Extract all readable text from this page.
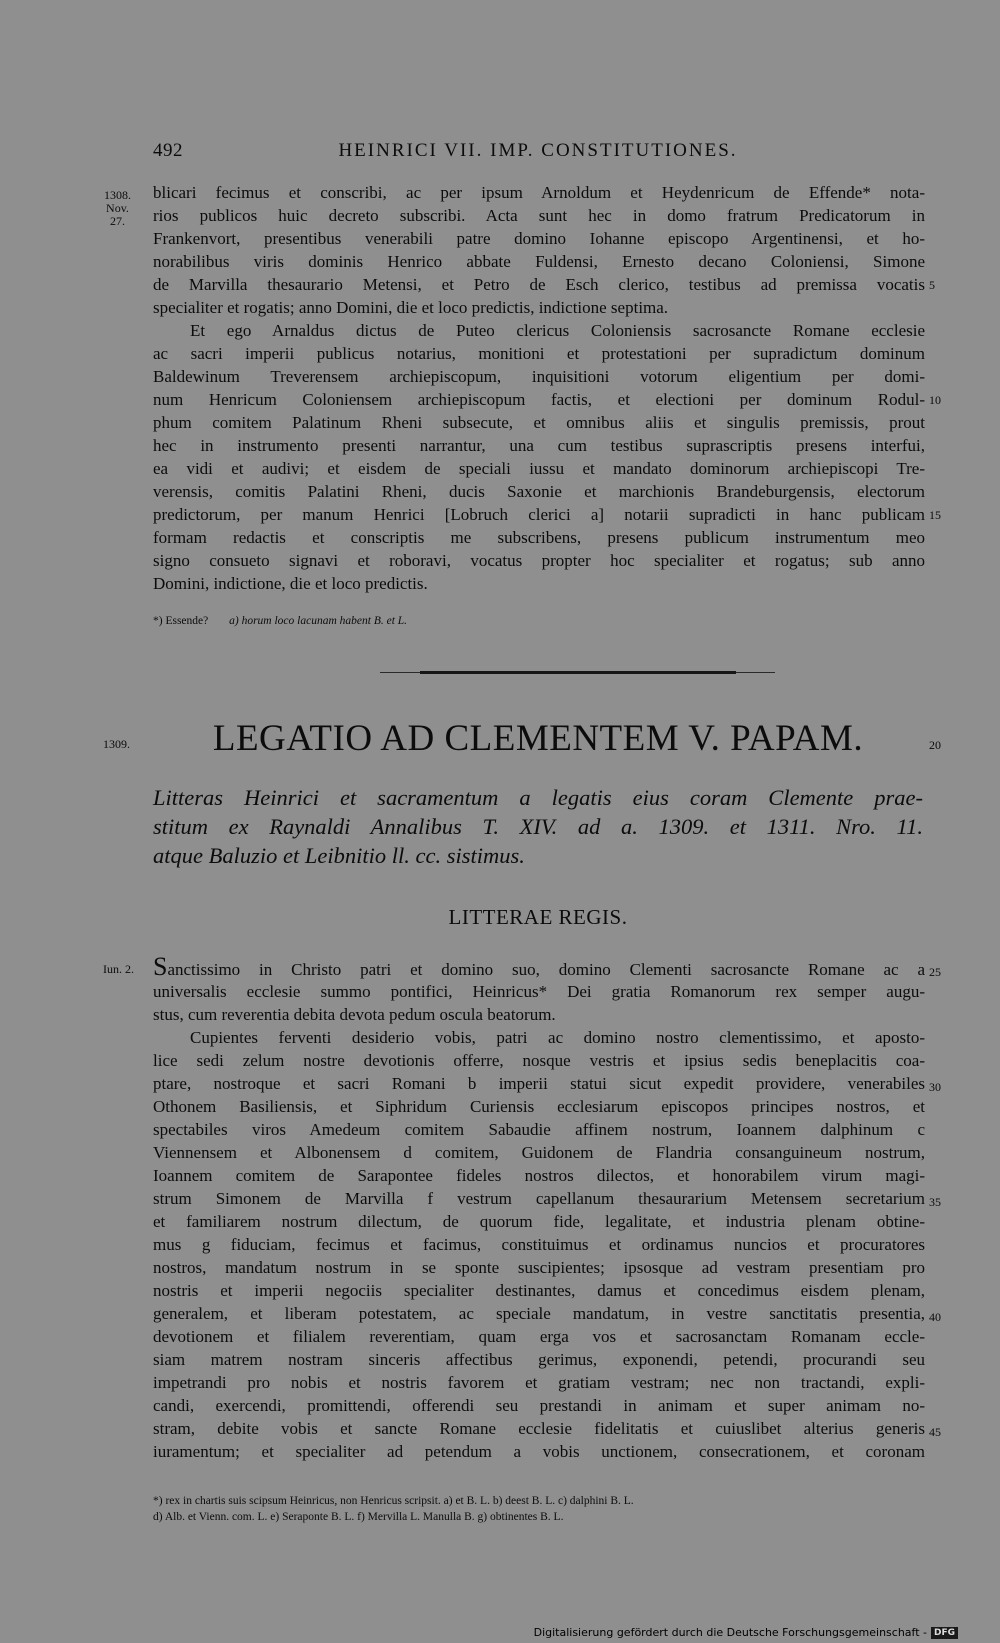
492	HEINRICI VII. IMP. CONSTITUTIONES.
1308.
Nov.
27.
blicari fecimus et conscribi, ac per ipsum Arnoldum et Heydenricum de Effende* nota-
rios publicos huic decreto subscribi. Acta sunt hec in domo fratrum Predicatorum in
Frankenvort, presentibus venerabili patre domino Iohanne episcopo Argentinensi, et ho-
norabilibus viris dominis Henrico abbate Fuldensi, Ernesto decano Coloniensi, Simone
de Marvilla thesaurario Metensi, et Petro de Esch clerico, testibus ad premissa vocatis
specialiter et rogatis; anno Domini, die et loco predictis, indictione septima.
Et ego Arnaldus dictus de Puteo clericus Coloniensis sacrosancte Romane ecclesie
ac sacri imperii publicus notarius, monitioni et protestationi per supradictum dominum
Baldewinum Treverensem archiepiscopum, inquisitioni votorum eligentium per domi-
num Henricum Coloniensem archiepiscopum factis, et electioni per dominum Rodul-
phum comitem Palatinum Rheni subsecute, et omnibus aliis et singulis premissis, prout
hec in instrumento presenti narrantur, una cum testibus suprascriptis presens interfui,
ea vidi et audivi; et eisdem de speciali iussu et mandato dominorum archiepiscopi Tre-
verensis, comitis Palatini Rheni, ducis Saxonie et marchionis Brandeburgensis, electorum
predictorum, per manum Henrici [Lobruch clerici a] notarii supradicti in hanc publicam
formam redactis et conscriptis me subscribens, presens publicum instrumentum meo
signo consueto signavi et roboravi, vocatus propter hoc specialiter et rogatus; sub anno
Domini, indictione, die et loco predictis.
5
10
15
*) Essende? a) horum loco lacunam habent B. et L.
1309.	LEGATIO AD CLEMENTEM V. PAPAM.	20
Litteras Heinrici et sacramentum a legatis eius coram Clemente prae-
stitum ex Raynaldi Annalibus T. XIV. ad a. 1309. et 1311. Nro. 11.
atque Baluzio et Leibnitio ll. cc. sistimus.
LITTERAE REGIS.
Iun. 2. Sanctissimo in Christo patri et domino suo, domino Clementi sacrosancte Romane ac a
universalis ecclesie summo pontifici, Heinricus* Dei gratia Romanorum rex semper augu-
stus, cum reverentia debita devota pedum oscula beatorum.
Cupientes ferventi desiderio vobis, patri ac domino nostro clementissimo, et aposto-
lice sedi zelum nostre devotionis offerre, nosque vestris et ipsius sedis beneplacitis coa-
ptare, nostroque et sacri Romani b imperii statui sicut expedit providere, venerabiles
Othonem Basiliensis, et Siphridum Curiensis ecclesiarum episcopos principes nostros, et
spectabiles viros Amedeum comitem Sabaudie affinem nostrum, Ioannem dalphinum c
Viennensem et Albonensem d comitem, Guidonem de Flandria consanguineum nostrum,
Ioannem comitem de Sarapontee fideles nostros dilectos, et honorabilem virum magi-
strum Simonem de Marvilla f vestrum capellanum thesaurarium Metensem secretarium
et familiarem nostrum dilectum, de quorum fide, legalitate, et industria plenam obtine-
mus g fiduciam, fecimus et facimus, constituimus et ordinamus nuncios et procuratores
nostros, mandatum nostrum in se sponte suscipientes; ipsosque ad vestram presentiam pro
nostris et imperii negociis specialiter destinantes, damus et concedimus eisdem plenam,
generalem, et liberam potestatem, ac speciale mandatum, in vestre sanctitatis presentia,
devotionem et filialem reverentiam, quam erga vos et sacrosanctam Romanam eccle-
siam matrem nostram sinceris affectibus gerimus, exponendi, petendi, procurandi seu
impetrandi pro nobis et nostris favorem et gratiam vestram; nec non tractandi, expli-
candi, exercendi, promittendi, offerendi seu prestandi in animam et super animam no-
stram, debite vobis et sancte Romane ecclesie fidelitatis et cuiuslibet alterius generis
iuramentum; et specialiter ad petendum a vobis unctionem, consecrationem, et coronam
25
30
35
40
45
*) rex in chartis suis scipsum Heinricus, non Henricus scripsit. a) et B. L. b) deest B. L. c) dalphini B. L.
d) Alb. et Vienn. com. L. e) Seraponte B. L. f) Mervilla L. Manulla B. g) obtinentes B. L.
Digitalisierung gefördert durch die Deutsche Forschungsgemeinschaft - DFG
